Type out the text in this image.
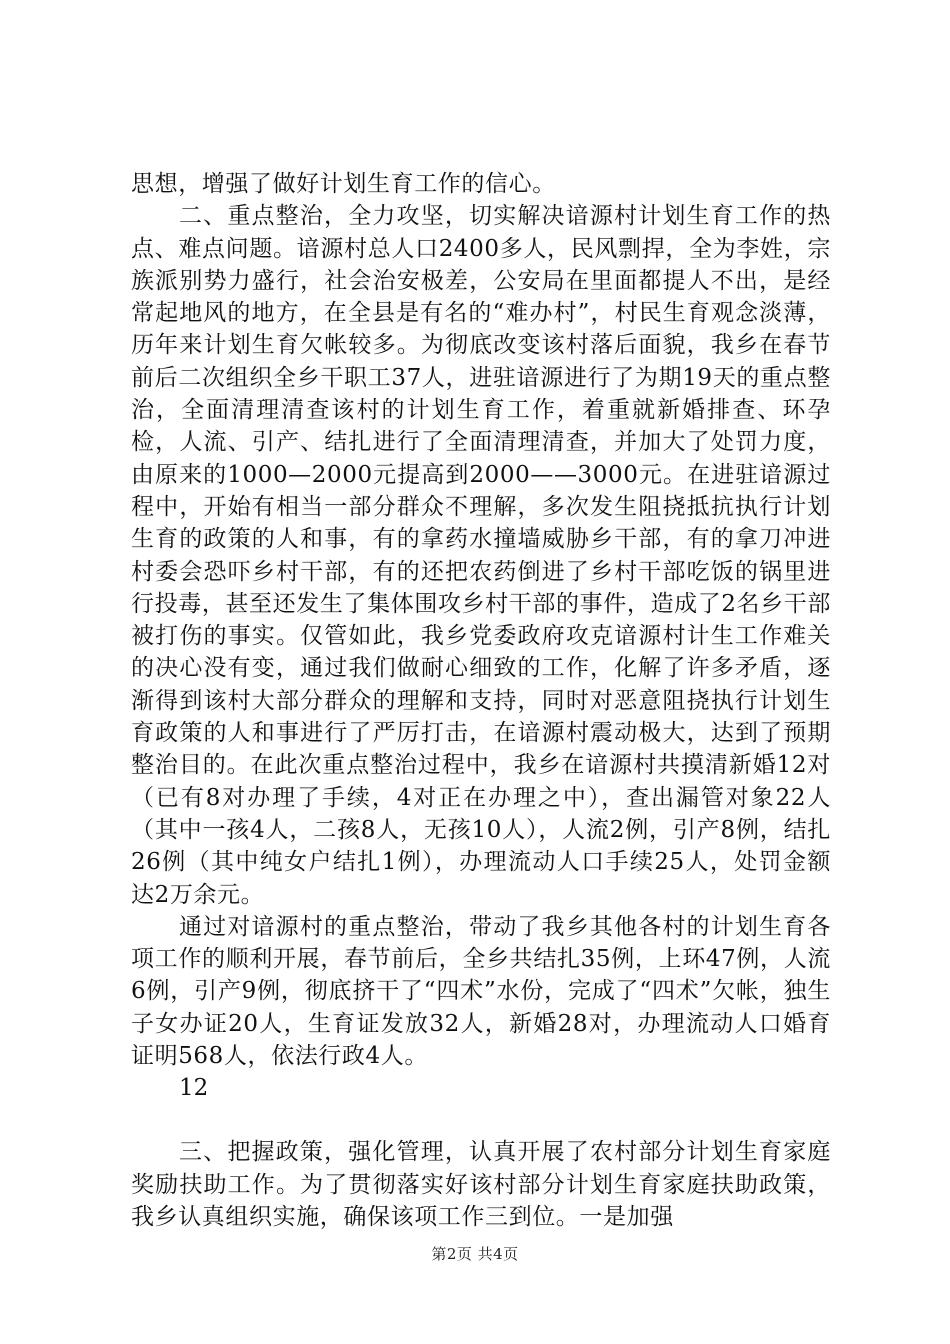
思想，增强了做好计划生育工作的信心。

二、重点整治，全力攻坚，切实解决谙源村计划生育工作的热点、难点问题。谙源村总人口2400多人，民风剽捍，全为李姓，宗族派别势力盛行，社会治安极差，公安局在里面都提人不出，是经常起地风的地方，在全县是有名的“难办村”，村民生育观念淡薄，历年来计划生育欠帐较多。为彻底改变该村落后面貌，我乡在春节前后二次组织全乡干职工37人，进驻谙源进行了为期19天的重点整治，全面清理清查该村的计划生育工作，着重就新婚排查、环孕检，人流、引产、结扎进行了全面清理清查，并加大了处罚力度，由原来的1000—2000元提高到2000——3000元。在进驻谙源过程中，开始有相当一部分群众不理解，多次发生阻挠抵抗执行计划生育的政策的人和事，有的拿药水撞墙威胁乡干部，有的拿刀冲进村委会恐吓乡村干部，有的还把农药倒进了乡村干部吃饭的锅里进行投毒，甚至还发生了集体围攻乡村干部的事件，造成了2名乡干部被打伤的事实。仅管如此，我乡党委政府攻克谙源村计生工作难关的决心没有变，通过我们做耐心细致的工作，化解了许多矛盾，逐渐得到该村大部分群众的理解和支持，同时对恶意阻挠执行计划生育政策的人和事进行了严厉打击，在谙源村震动极大，达到了预期整治目的。在此次重点整治过程中，我乡在谙源村共摸清新婚12对（已有8对办理了手续，4对正在办理之中），查出漏管对象22人（其中一孩4人，二孩8人，无孩10人），人流2例，引产8例，结扎26例（其中纯女户结扎1例），办理流动人口手续25人，处罚金额达2万余元。

通过对谙源村的重点整治，带动了我乡其他各村的计划生育各项工作的顺利开展，春节前后，全乡共结扎35例，上环47例，人流6例，引产9例，彻底挤干了“四术”水份，完成了“四术”欠帐，独生子女办证20人，生育证发放32人，新婚28对，办理流动人口婚育证明568人，依法行政4人。

12

三、把握政策，强化管理，认真开展了农村部分计划生育家庭奖励扶助工作。为了贯彻落实好该村部分计划生育家庭扶助政策，我乡认真组织实施，确保该项工作三到位。一是加强

第2页 共4页
